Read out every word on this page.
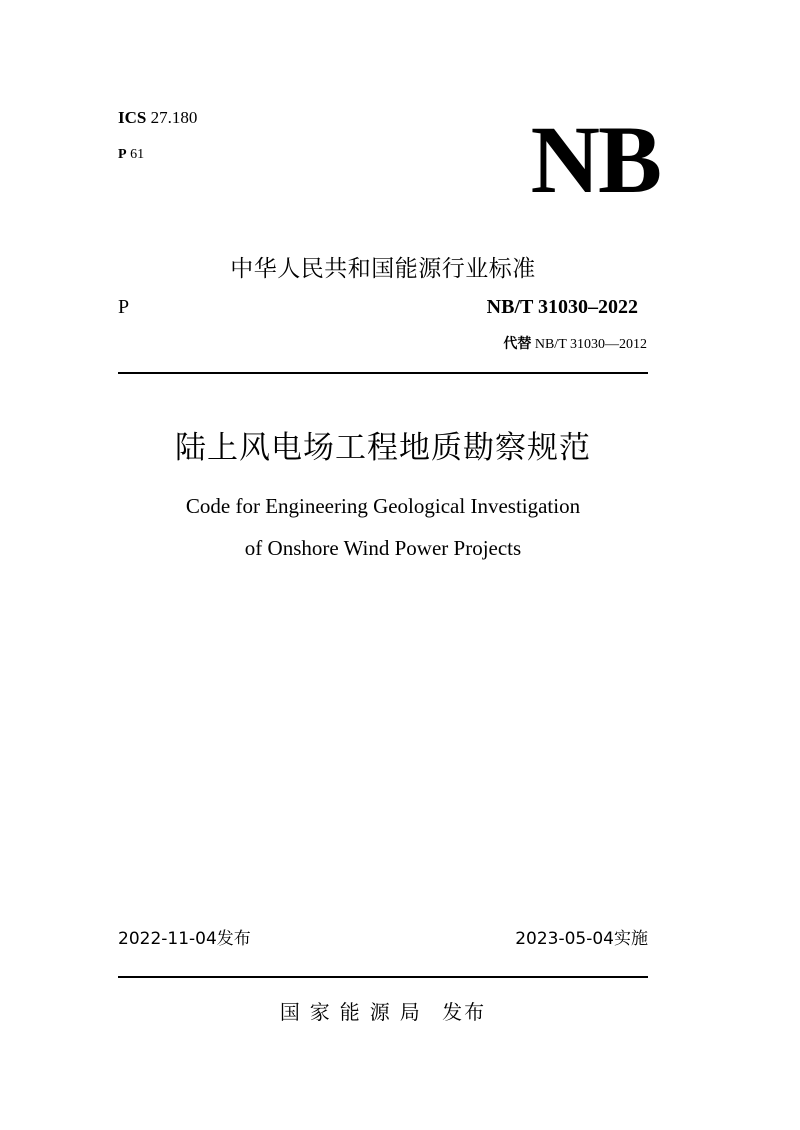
ICS 27.180
P 61	NB
中华人民共和国能源行业标准
P	NB/T 31030–2022
代替 NB/T 31030—2012
陆上风电场工程地质勘察规范
Code for Engineering Geological Investigation
of Onshore Wind Power Projects
2022-11-04发布	2023-05-04实施
国家能源局 发布
